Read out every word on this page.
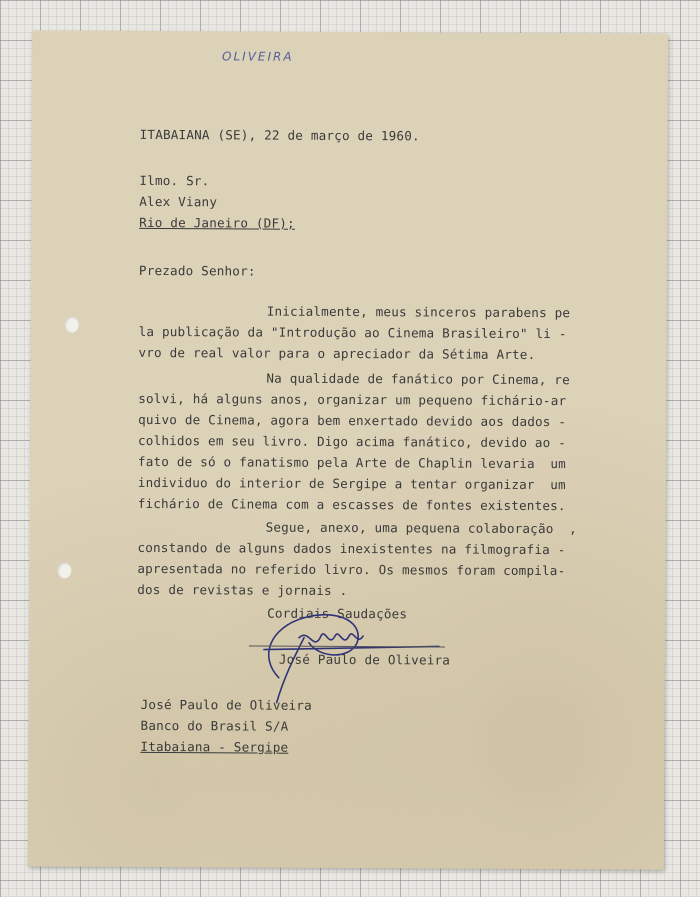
OLIVEIRA
ITABAIANA (SE), 22 de março de 1960.
Ilmo. Sr.
Alex Viany
Rio de Janeiro (DF);
Prezado Senhor:
Inicialmente, meus sinceros parabens pe
la publicação da "Introdução ao Cinema Brasileiro" li -
vro de real valor para o apreciador da Sétima Arte.
Na qualidade de fanático por Cinema, re
solvi, há alguns anos, organizar um pequeno fichário-ar
quivo de Cinema, agora bem enxertado devido aos dados -
colhidos em seu livro. Digo acima fanático, devido ao -
fato de só o fanatismo pela Arte de Chaplin levaria  um
individuo do interior de Sergipe a tentar organizar  um
fichário de Cinema com a escasses de fontes existentes.
Segue, anexo, uma pequena colaboração  ,
constando de alguns dados inexistentes na filmografia -
apresentada no referido livro. Os mesmos foram compila-
dos de revistas e jornais .
Cordiais Saudações
José Paulo de Oliveira
José Paulo de Oliveira
Banco do Brasil S/A
Itabaiana - Sergipe
